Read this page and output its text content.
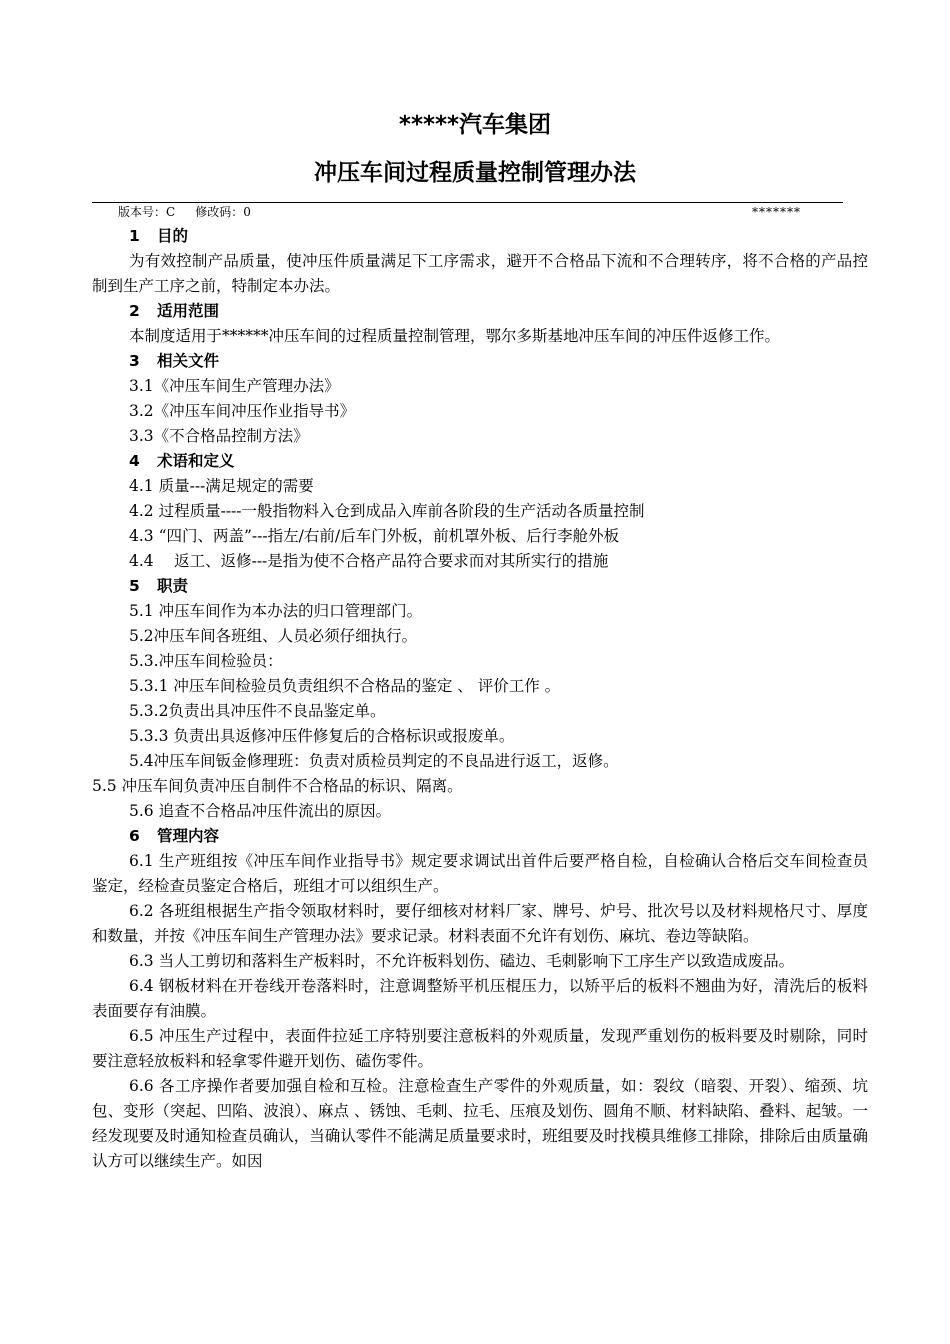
*****汽车集团
冲压车间过程质量控制管理办法
版本号：C 修改码：0	*******

1 目的

为有效控制产品质量，使冲压件质量满足下工序需求，避开不合格品下流和不合理转序，将不合格的产品控制到生产工序之前，特制定本办法。

2 适用范围

本制度适用于******冲压车间的过程质量控制管理，鄂尔多斯基地冲压车间的冲压件返修工作。

3 相关文件

3.1《冲压车间生产管理办法》

3.2《冲压车间冲压作业指导书》

3.3《不合格品控制方法》

4 术语和定义

4.1 质量---满足规定的需要

4.2 过程质量----一般指物料入仓到成品入库前各阶段的生产活动各质量控制

4.3 “四门、两盖”---指左/右前/后车门外板，前机罩外板、后行李舱外板

4.4　 返工、返修---是指为使不合格产品符合要求而对其所实行的措施

5 职责

5.1 冲压车间作为本办法的归口管理部门。

5.2冲压车间各班组、人员必须仔细执行。

5.3.冲压车间检验员：

5.3.1 冲压车间检验员负责组织不合格品的鉴定 、 评价工作 。

5.3.2负责出具冲压件不良品鉴定单。

5.3.3 负责出具返修冲压件修复后的合格标识或报废单。

5.4冲压车间钣金修理班：负责对质检员判定的不良品进行返工，返修。

5.5 冲压车间负责冲压自制件不合格品的标识、隔离。

5.6 追查不合格品冲压件流出的原因。

6 管理内容

6.1 生产班组按《冲压车间作业指导书》规定要求调试出首件后要严格自检，自检确认合格后交车间检查员鉴定，经检查员鉴定合格后，班组才可以组织生产。

6.2 各班组根据生产指令领取材料时，要仔细核对材料厂家、牌号、炉号、批次号以及材料规格尺寸、厚度和数量，并按《冲压车间生产管理办法》要求记录。材料表面不允许有划伤、麻坑、卷边等缺陷。

6.3 当人工剪切和落料生产板料时，不允许板料划伤、磕边、毛刺影响下工序生产以致造成废品。

6.4 钢板材料在开卷线开卷落料时，注意调整矫平机压棍压力，以矫平后的板料不翘曲为好，清洗后的板料表面要存有油膜。

6.5 冲压生产过程中，表面件拉延工序特别要注意板料的外观质量，发现严重划伤的板料要及时剔除，同时要注意轻放板料和轻拿零件避开划伤、磕伤零件。

6.6 各工序操作者要加强自检和互检。注意检查生产零件的外观质量，如：裂纹（暗裂、开裂）、缩颈、坑包、变形（突起、凹陷、波浪）、麻点 、锈蚀、毛刺、拉毛、压痕及划伤、圆角不顺、材料缺陷、叠料、起皱。一经发现要及时通知检查员确认，当确认零件不能满足质量要求时，班组要及时找模具维修工排除，排除后由质量确认方可以继续生产。如因
